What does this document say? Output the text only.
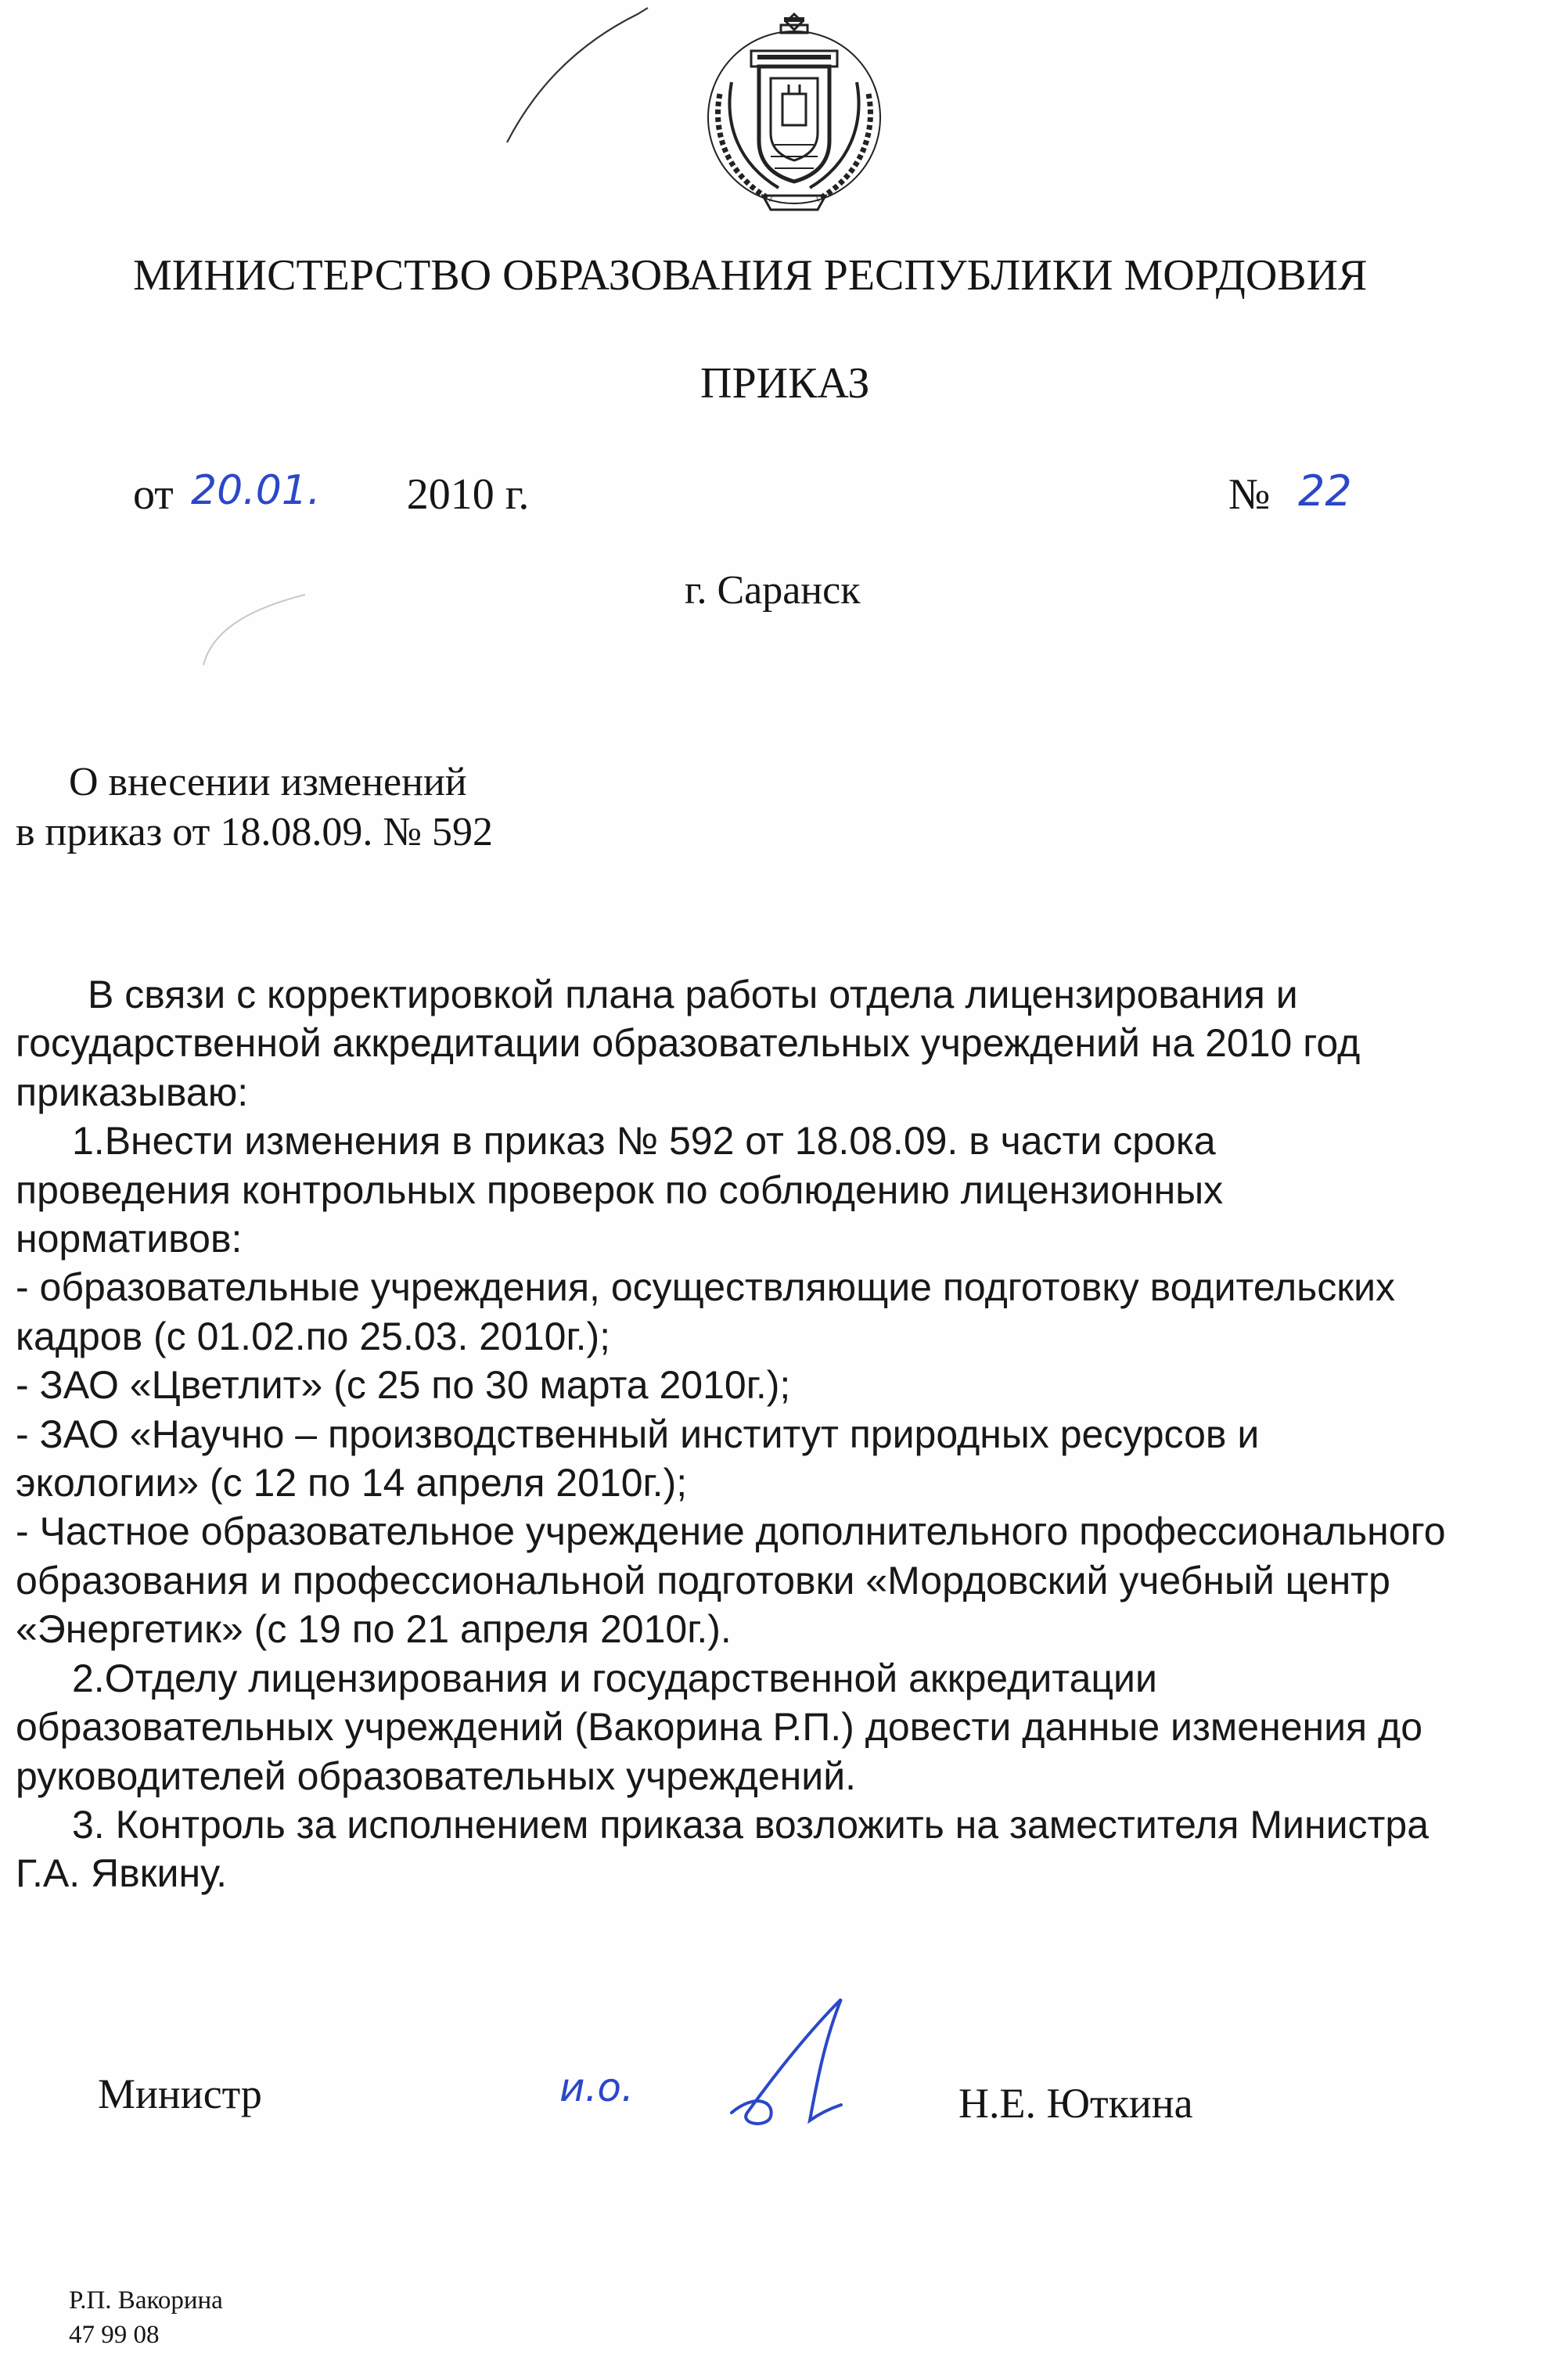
МИНИСТЕРСТВО ОБРАЗОВАНИЯ РЕСПУБЛИКИ МОРДОВИЯ
ПРИКАЗ
от 20.01. 2010 г.	№ 22
г. Саранск
О внесении изменений
в приказ от 18.08.09. № 592
В связи с корректировкой плана работы отдела лицензирования и
государственной аккредитации образовательных учреждений на 2010 год
приказываю:
1.Внести изменения в приказ № 592 от 18.08.09. в части срока
проведения контрольных проверок по соблюдению лицензионных
нормативов:
- образовательные учреждения, осуществляющие подготовку водительских
кадров (с 01.02.по 25.03. 2010г.);
- ЗАО «Цветлит» (с 25 по 30 марта 2010г.);
- ЗАО «Научно – производственный институт природных ресурсов и
экологии» (с 12 по 14 апреля 2010г.);
- Частное образовательное учреждение дополнительного профессионального
образования и профессиональной подготовки «Мордовский учебный центр
«Энергетик» (с 19 по 21 апреля 2010г.).
2.Отделу лицензирования и государственной аккредитации
образовательных учреждений (Вакорина Р.П.) довести данные изменения до
руководителей образовательных учреждений.
3. Контроль за исполнением приказа возложить на заместителя Министра
Г.А. Явкину.
Министр	и.о.	Н.Е. Юткина
Р.П. Вакорина
47 99 08
